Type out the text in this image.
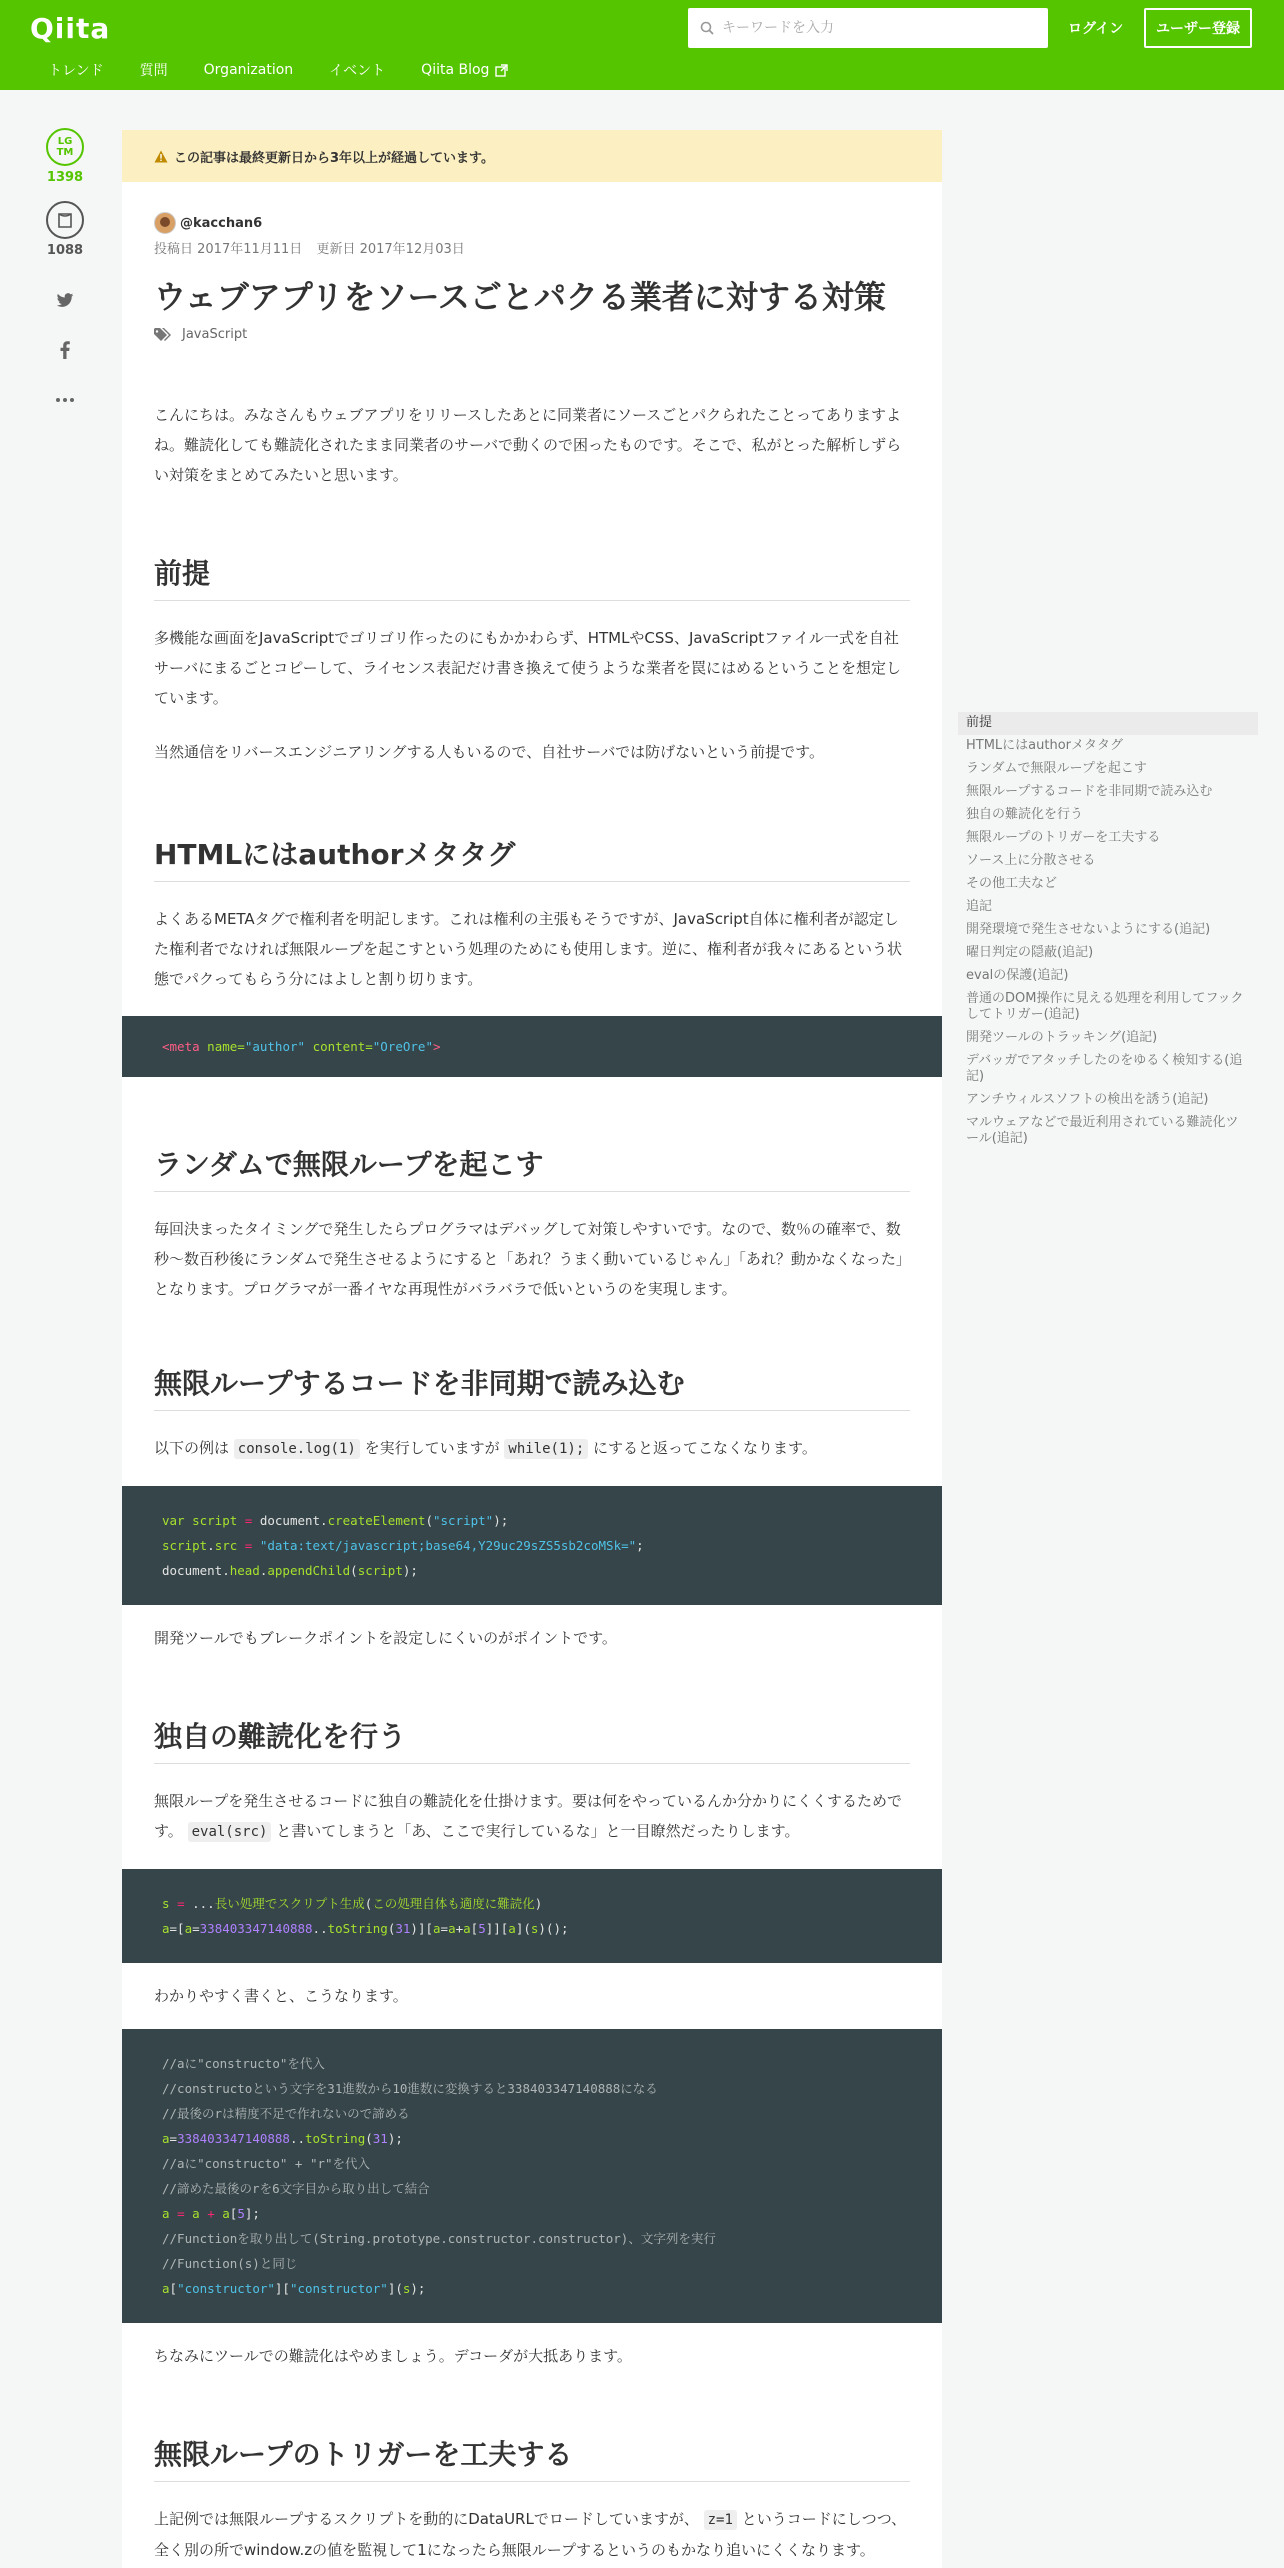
Qiita
キーワードを入力	ログイン	ユーザー登録
トレンド	質問	Organization	イベント	Qiita Blog
LG TM
1398
1088
この記事は最終更新日から3年以上が経過しています。
@kacchan6
投稿日 2017年11月11日 更新日 2017年12月03日
ウェブアプリをソースごとパクる業者に対する対策
JavaScript

こんにちは。みなさんもウェブアプリをリリースしたあとに同業者にソースごとパクられたことってありますよね。難読化しても難読化されたまま同業者のサーバで動くので困ったものです。そこで、私がとった解析しずらい対策をまとめてみたいと思います。

前提

多機能な画面をJavaScriptでゴリゴリ作ったのにもかかわらず、HTMLやCSS、JavaScriptファイル一式を自社サーバにまるごとコピーして、ライセンス表記だけ書き換えて使うような業者を罠にはめるということを想定しています。

当然通信をリバースエンジニアリングする人もいるので、自社サーバでは防げないという前提です。

HTMLにはauthorメタタグ

よくあるMETAタグで権利者を明記します。これは権利の主張もそうですが、JavaScript自体に権利者が認定した権利者でなければ無限ループを起こすという処理のためにも使用します。逆に、権利者が我々にあるという状態でパクってもらう分にはよしと割り切ります。

<meta name="author" content="OreOre">
ランダムで無限ループを起こす

毎回決まったタイミングで発生したらプログラマはデバッグして対策しやすいです。なので、数％の確率で、数秒〜数百秒後にランダムで発生させるようにすると「あれ？うまく動いているじゃん」「あれ？動かなくなった」となります。プログラマが一番イヤな再現性がバラバラで低いというのを実現します。

無限ループするコードを非同期で読み込む

以下の例は console.log(1) を実行していますが while(1); にすると返ってこなくなります。

var script = document.createElement("script");
script.src = "data:text/javascript;base64,Y29uc29sZS5sb2coMSk=";
document.head.appendChild(script);

開発ツールでもブレークポイントを設定しにくいのがポイントです。

独自の難読化を行う

無限ループを発生させるコードに独自の難読化を仕掛けます。要は何をやっているんか分かりにくくするためです。 eval(src) と書いてしまうと「あ、ここで実行しているな」と一目瞭然だったりします。

s = ...長い処理でスクリプト生成(この処理自体も適度に難読化)
a=[a=338403347140888..toString(31)][a=a+a[5]][a](s)();

わかりやすく書くと、こうなります。

//aに"constructo"を代入
//constructoという文字を31進数から10進数に変換すると338403347140888になる
//最後のrは精度不足で作れないので諦める
a=338403347140888..toString(31);
//aに"constructo" + "r"を代入
//諦めた最後のrを6文字目から取り出して結合
a = a + a[5];
//Functionを取り出して(String.prototype.constructor.constructor)、文字列を実行
//Function(s)と同じ
a["constructor"]["constructor"](s);

ちなみにツールでの難読化はやめましょう。デコーダが大抵あります。

無限ループのトリガーを工夫する

上記例では無限ループするスクリプトを動的にDataURLでロードしていますが、 z=1 というコードにしつつ、全く別の所でwindow.zの値を監視して1になったら無限ループするというのもかなり追いにくくなります。

前提
HTMLにはauthorメタタグ
ランダムで無限ループを起こす
無限ループするコードを非同期で読み込む
独自の難読化を行う
無限ループのトリガーを工夫する
ソース上に分散させる
その他工夫など
追記
開発環境で発生させないようにする(追記)
曜日判定の隠蔽(追記)
evalの保護(追記)
普通のDOM操作に見える処理を利用してフックしてトリガー(追記)
開発ツールのトラッキング(追記)
デバッガでアタッチしたのをゆるく検知する(追記)
アンチウィルスソフトの検出を誘う(追記)
マルウェアなどで最近利用されている難読化ツール(追記)
